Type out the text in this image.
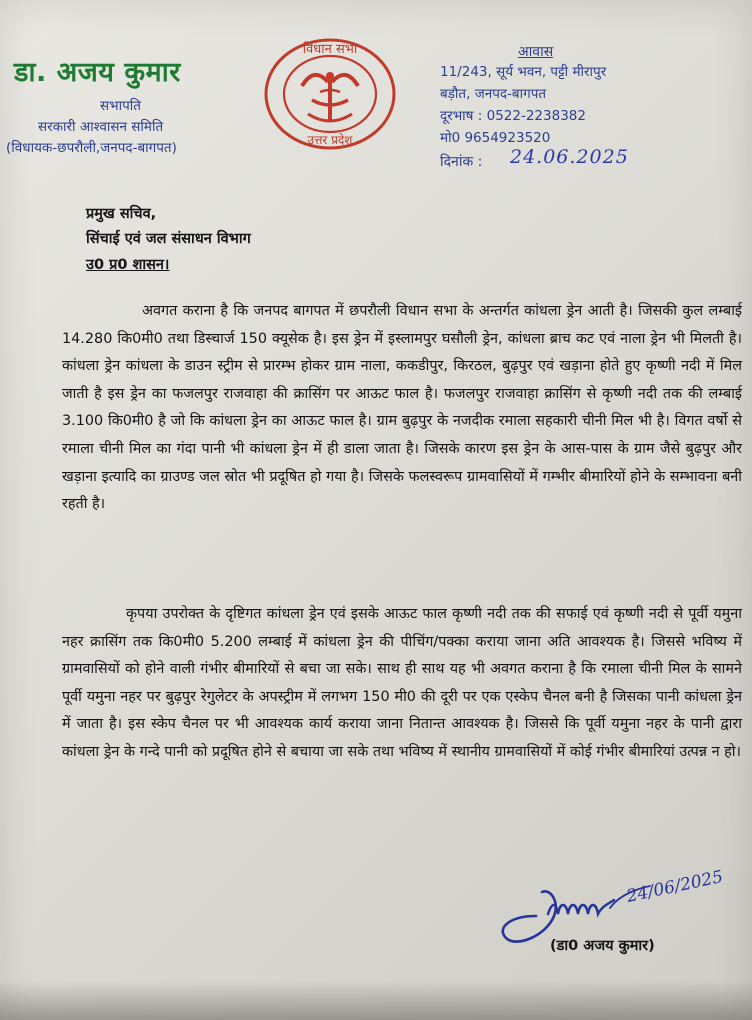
डा. अजय कुमार
सभापति
सरकारी आश्वासन समिति
(विधायक-छपरौली,जनपद-बागपत)
विधान सभा
उत्तर प्रदेश
आवास
11/243, सूर्य भवन, पट्टी मीरापुर
बड़ौत, जनपद-बागपत
दूरभाष : 0522-2238382
मो0 9654923520
दिनांक : 24.06.2025
प्रमुख सचिव,
सिंचाई एवं जल संसाधन विभाग
उ0 प्र0 शासन।

अवगत कराना है कि जनपद बागपत में छपरौली विधान सभा के अन्तर्गत कांधला ड्रेन आती है। जिसकी कुल लम्बाई 14.280 कि0मी0 तथा डिस्चार्ज 150 क्यूसेक है। इस ड्रेन में इस्लामपुर घसौली ड्रेन, कांधला ब्राच कट एवं नाला ड्रेन भी मिलती है। कांधला ड्रेन कांधला के डाउन स्ट्रीम से प्रारम्भ होकर ग्राम नाला, ककडीपुर, किरठल, बुढ़पुर एवं खड़ाना होते हुए कृष्णी नदी में मिल जाती है इस ड्रेन का फजलपुर राजवाहा की क्रासिंग पर आऊट फाल है। फजलपुर राजवाहा क्रासिंग से कृष्णी नदी तक की लम्बाई 3.100 कि0मी0 है जो कि कांधला ड्रेन का आऊट फाल है। ग्राम बुढ़पुर के नजदीक रमाला सहकारी चीनी मिल भी है। विगत वर्षो से रमाला चीनी मिल का गंदा पानी भी कांधला ड्रेन में ही डाला जाता है। जिसके कारण इस ड्रेन के आस-पास के ग्राम जैसे बुढ़पुर और खड़ाना इत्यादि का ग्राउण्ड जल स्रोत भी प्रदूषित हो गया है। जिसके फलस्वरूप ग्रामवासियों में गम्भीर बीमारियों होने के सम्भावना बनी रहती है।

कृपया उपरोक्त के दृष्टिगत कांधला ड्रेन एवं इसके आऊट फाल कृष्णी नदी तक की सफाई एवं कृष्णी नदी से पूर्वी यमुना नहर क्रासिंग तक कि0मी0 5.200 लम्बाई में कांधला ड्रेन की पीचिंग/पक्का कराया जाना अति आवश्यक है। जिससे भविष्य में ग्रामवासियों को होने वाली गंभीर बीमारियों से बचा जा सके। साथ ही साथ यह भी अवगत कराना है कि रमाला चीनी मिल के सामने पूर्वी यमुना नहर पर बुढ़पुर रेगुलेटर के अपस्ट्रीम में लगभग 150 मी0 की दूरी पर एक एस्केप चैनल बनी है जिसका पानी कांधला ड्रेन में जाता है। इस स्केप चैनल पर भी आवश्यक कार्य कराया जाना नितान्त आवश्यक है। जिससे कि पूर्वी यमुना नहर के पानी द्वारा कांधला ड्रेन के गन्दे पानी को प्रदूषित होने से बचाया जा सके तथा भविष्य में स्थानीय ग्रामवासियों में कोई गंभीर बीमारियां उत्पन्न न हो।

24/06/2025
(डा0 अजय कुमार)
